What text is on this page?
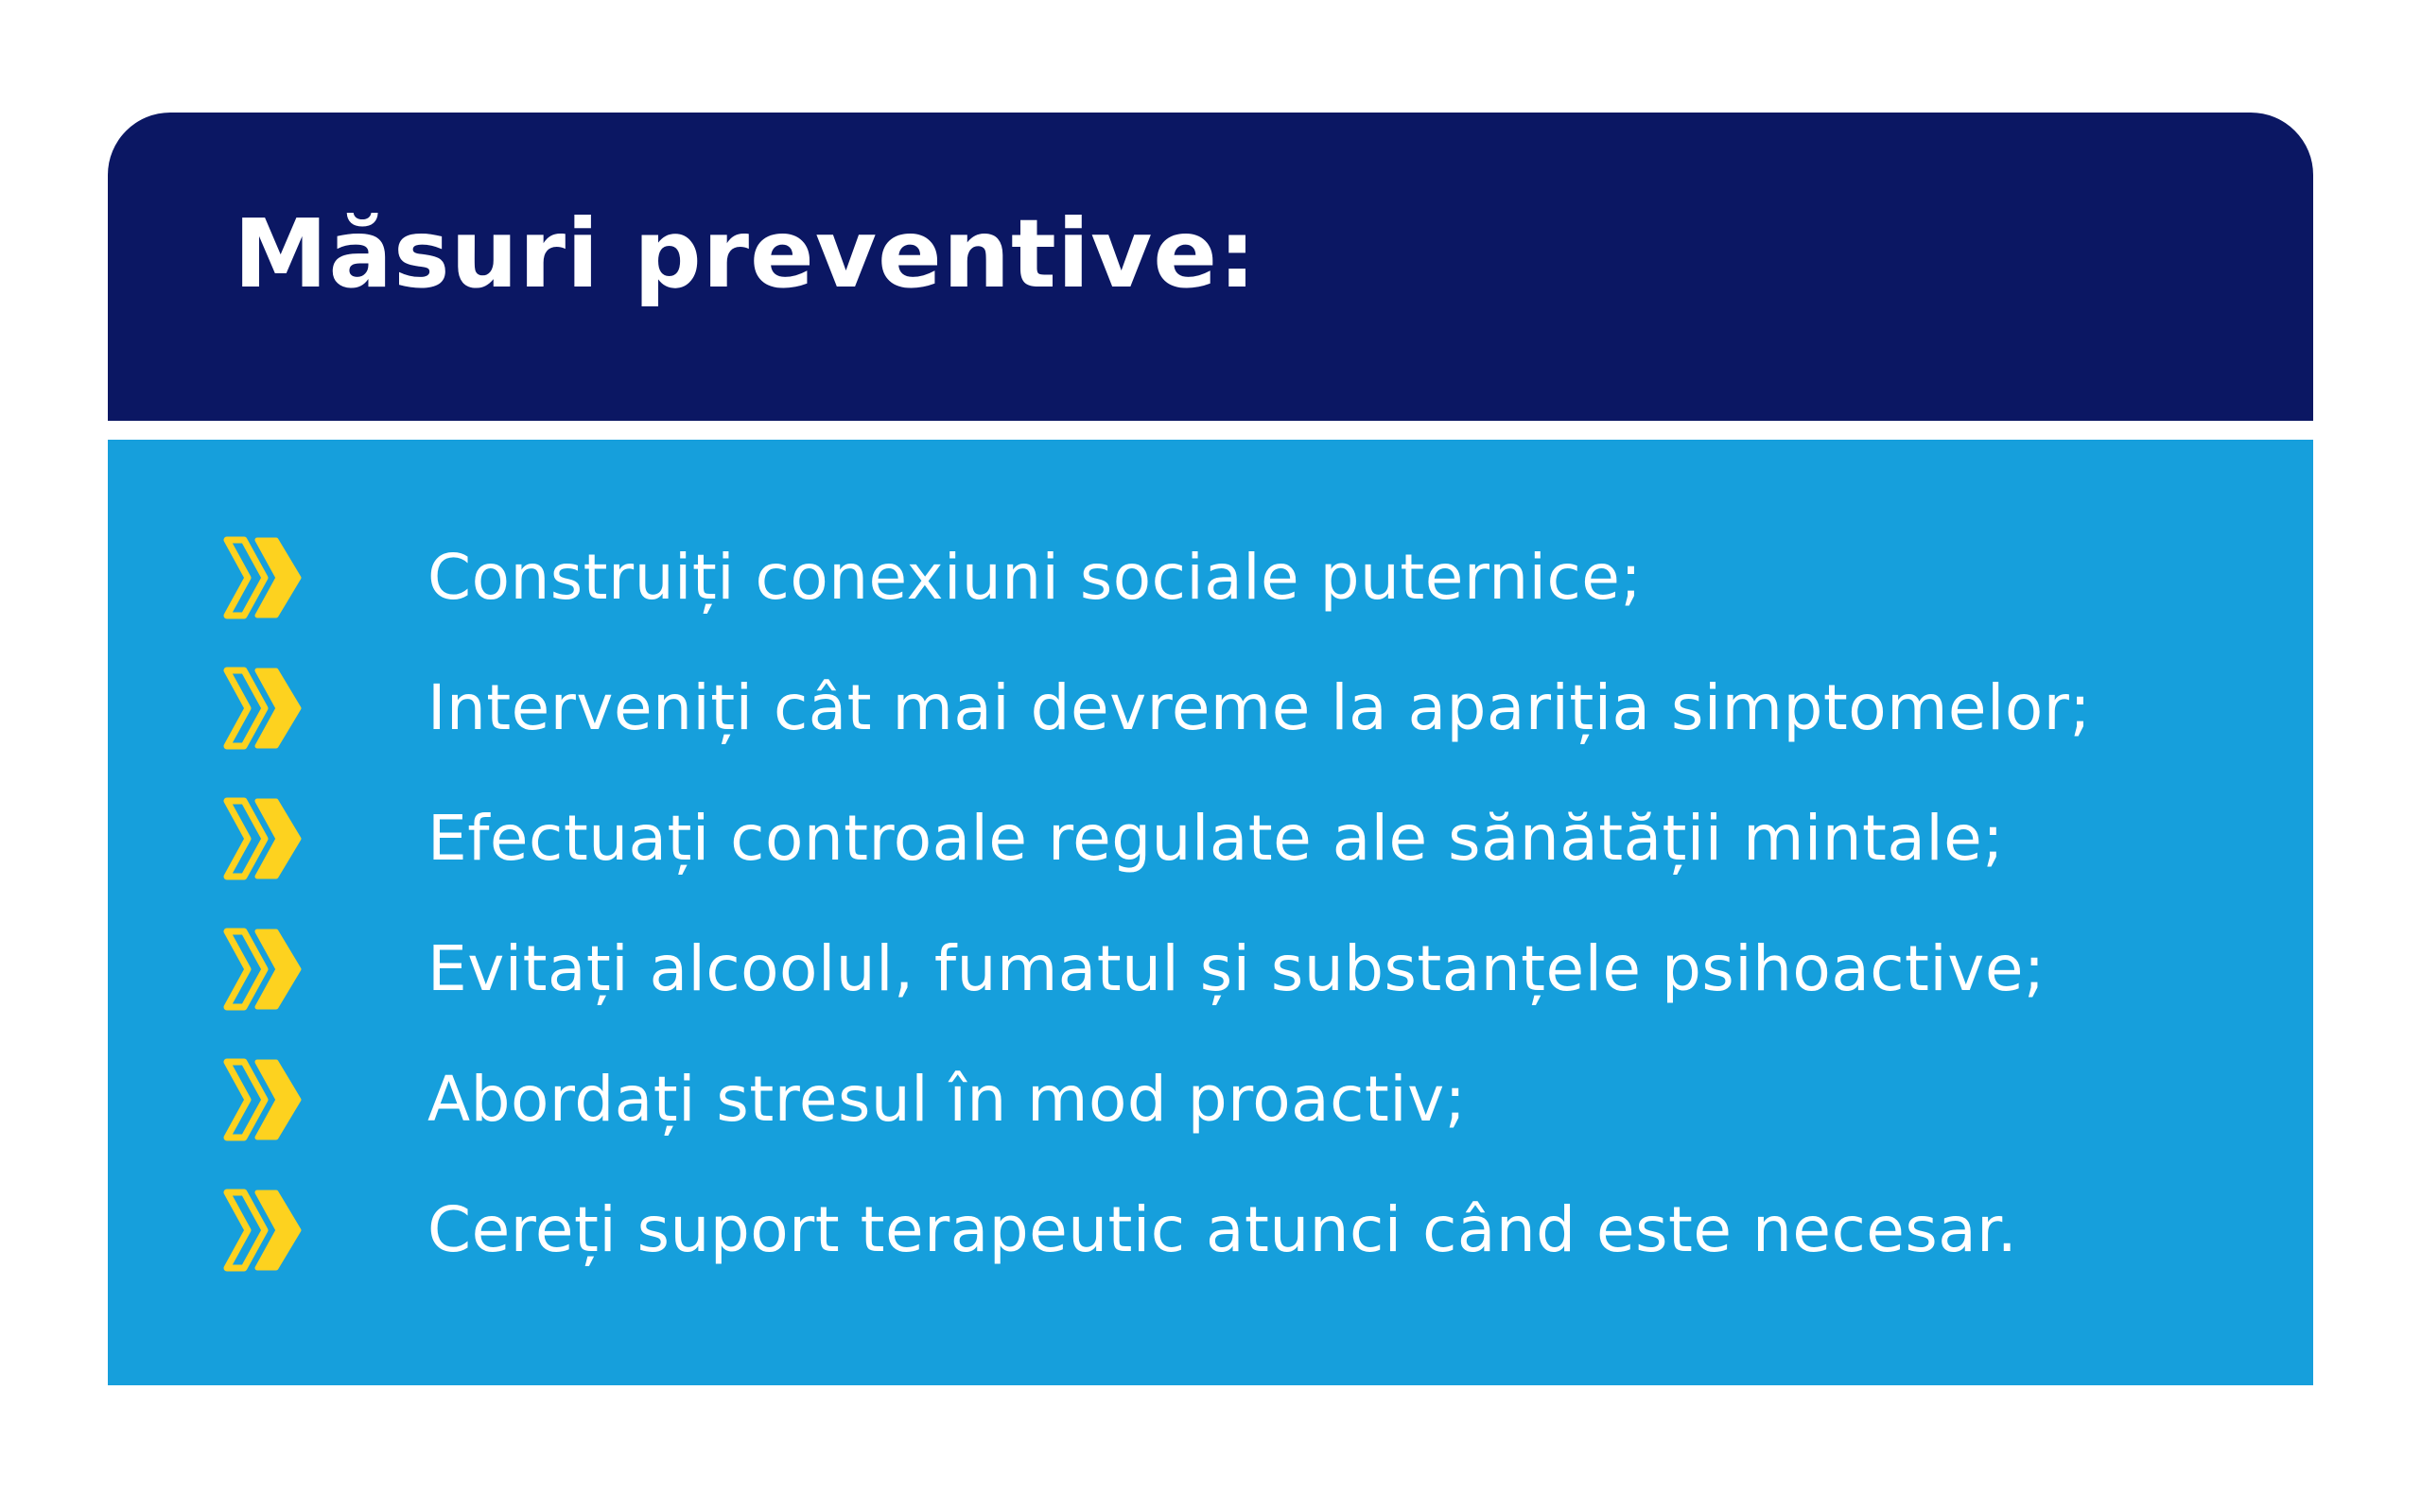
Măsuri preventive:
Construiți conexiuni sociale puternice;
Interveniți cât mai devreme la apariția simptomelor;
Efectuați controale regulate ale sănătății mintale;
Evitați alcoolul, fumatul și substanțele psihoactive;
Abordați stresul în mod proactiv;
Cereți suport terapeutic atunci când este necesar.
